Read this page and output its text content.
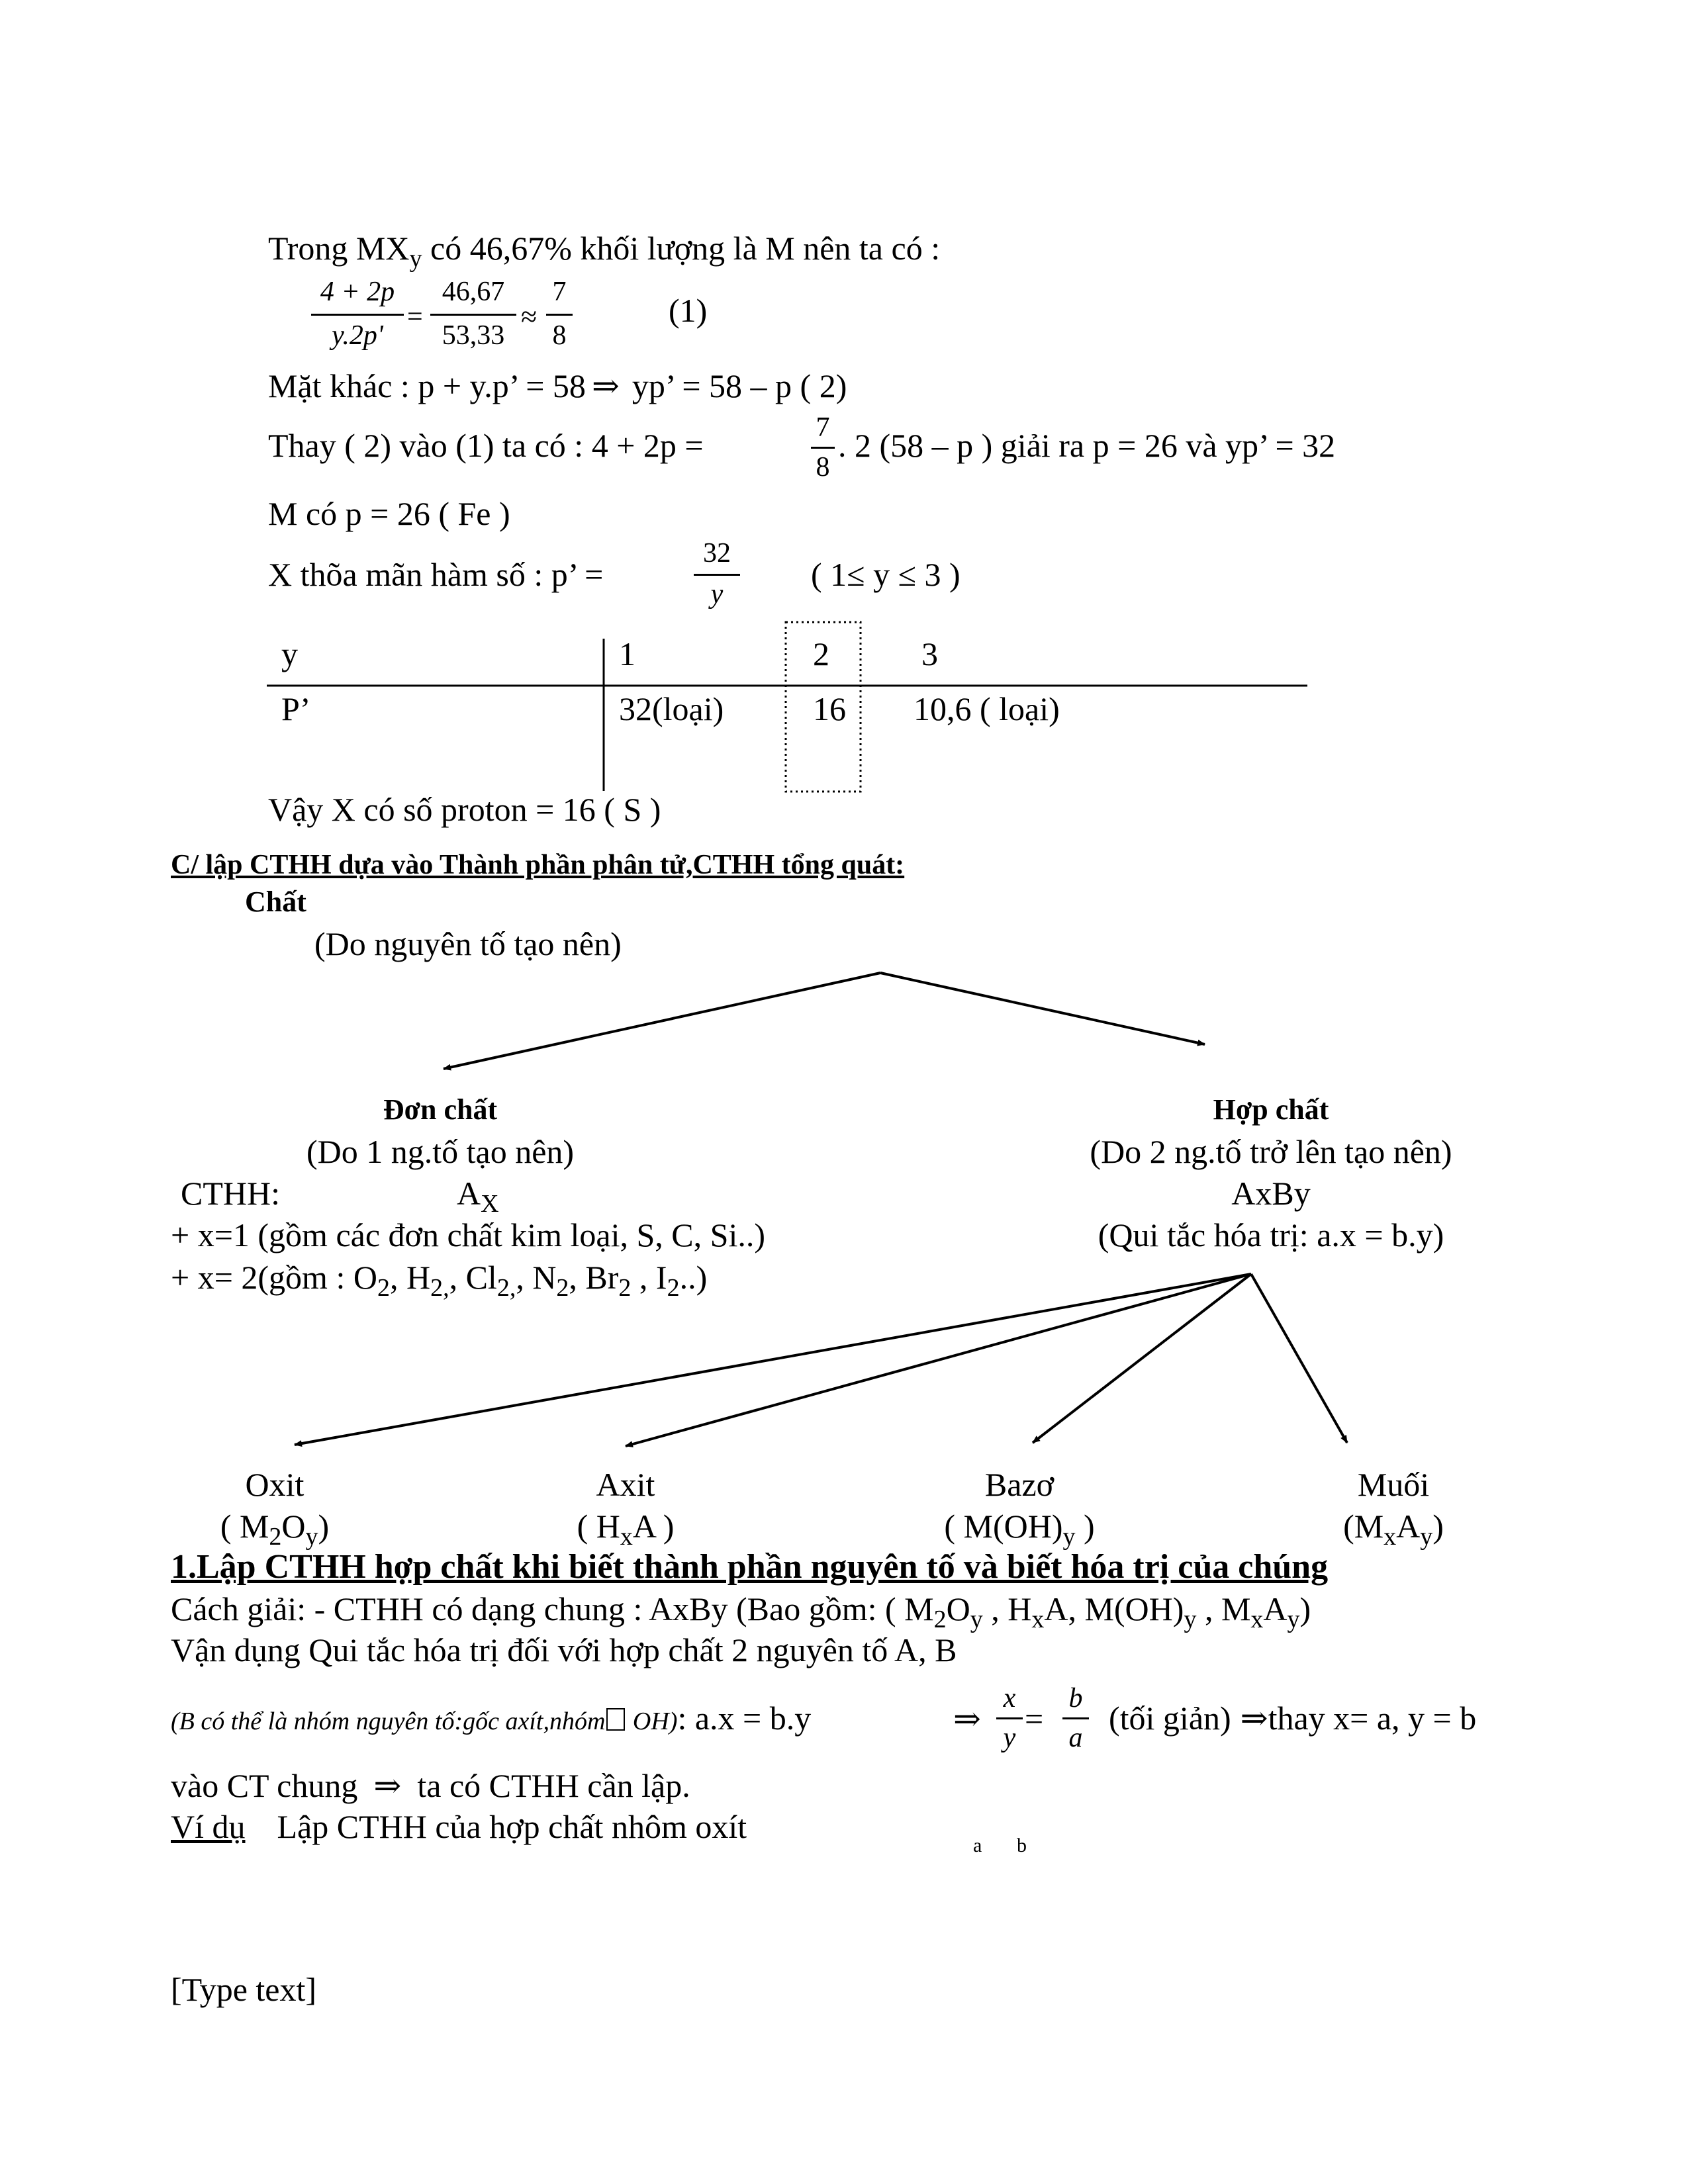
Trong $MX_y$ có 46,67% khối lượng là M nên ta có :
4 + 2p
y.2p'
=
46,67
53,33
≈
7
8
(1)
Mặt khác : p + y.p’ = 58 ⇒ yp’ = 58 – p ( 2)
Thay ( 2) vào (1) ta có : 4 + 2p =	7
8
. 2 (58 – p ) giải ra p = 26 và yp’ = 32
M có p = 26 ( Fe )
X thõa mãn hàm số : p’ =
32
y
( 1≤ y ≤ 3 )
y	1	2	3
P’	32(loại)	16 10,6 ( loại)
Vậy X có số proton = 16 ( S )
C/ lập CTHH dựa vào Thành phần phân tử,CTHH tổng quát:
Chất
(Do nguyên tố tạo nên)
Đơn chất
(Do 1 ng.tố tạo nên)
CTHH:	$A_X$
+ x=1 (gồm các đơn chất kim loại, S, C, Si..)
+ x= 2(gồm : $O_2$, $H_{2,}$, $Cl_{2,}$, $N_2$, $Br_2$ , $I_2$..)
Hợp chất
(Do 2 ng.tố trở lên tạo nên)
AxBy
(Qui tắc hóa trị: a.x = b.y)
Oxit
( $M_2O_y$)
Axit
( $H_xA$ )
Bazơ
( $M(OH)_y$ )
Muối
$(M_xA_y)$
1.Lập CTHH hợp chất khi biết thành phần nguyên tố và biết hóa trị của chúng
Cách giải: - CTHH có dạng chung : AxBy (Bao gồm: ( $M_2O_y$ , $H_xA$, $M(OH)_y$ , $M_xA_y$)
Vận dụng Qui tắc hóa trị đối với hợp chất 2 nguyên tố A, B
(B có thể là nhóm nguyên tố:gốc axít,nhóm OH): a.x = b.y	⇒
x
y
=
b
a
(tối giản) ⇒thay x= a, y = b
vào CT chung ⇒ ta có CTHH cần lập.
Ví dụ Lập CTHH của hợp chất nhôm oxít
a b
[Type text]
